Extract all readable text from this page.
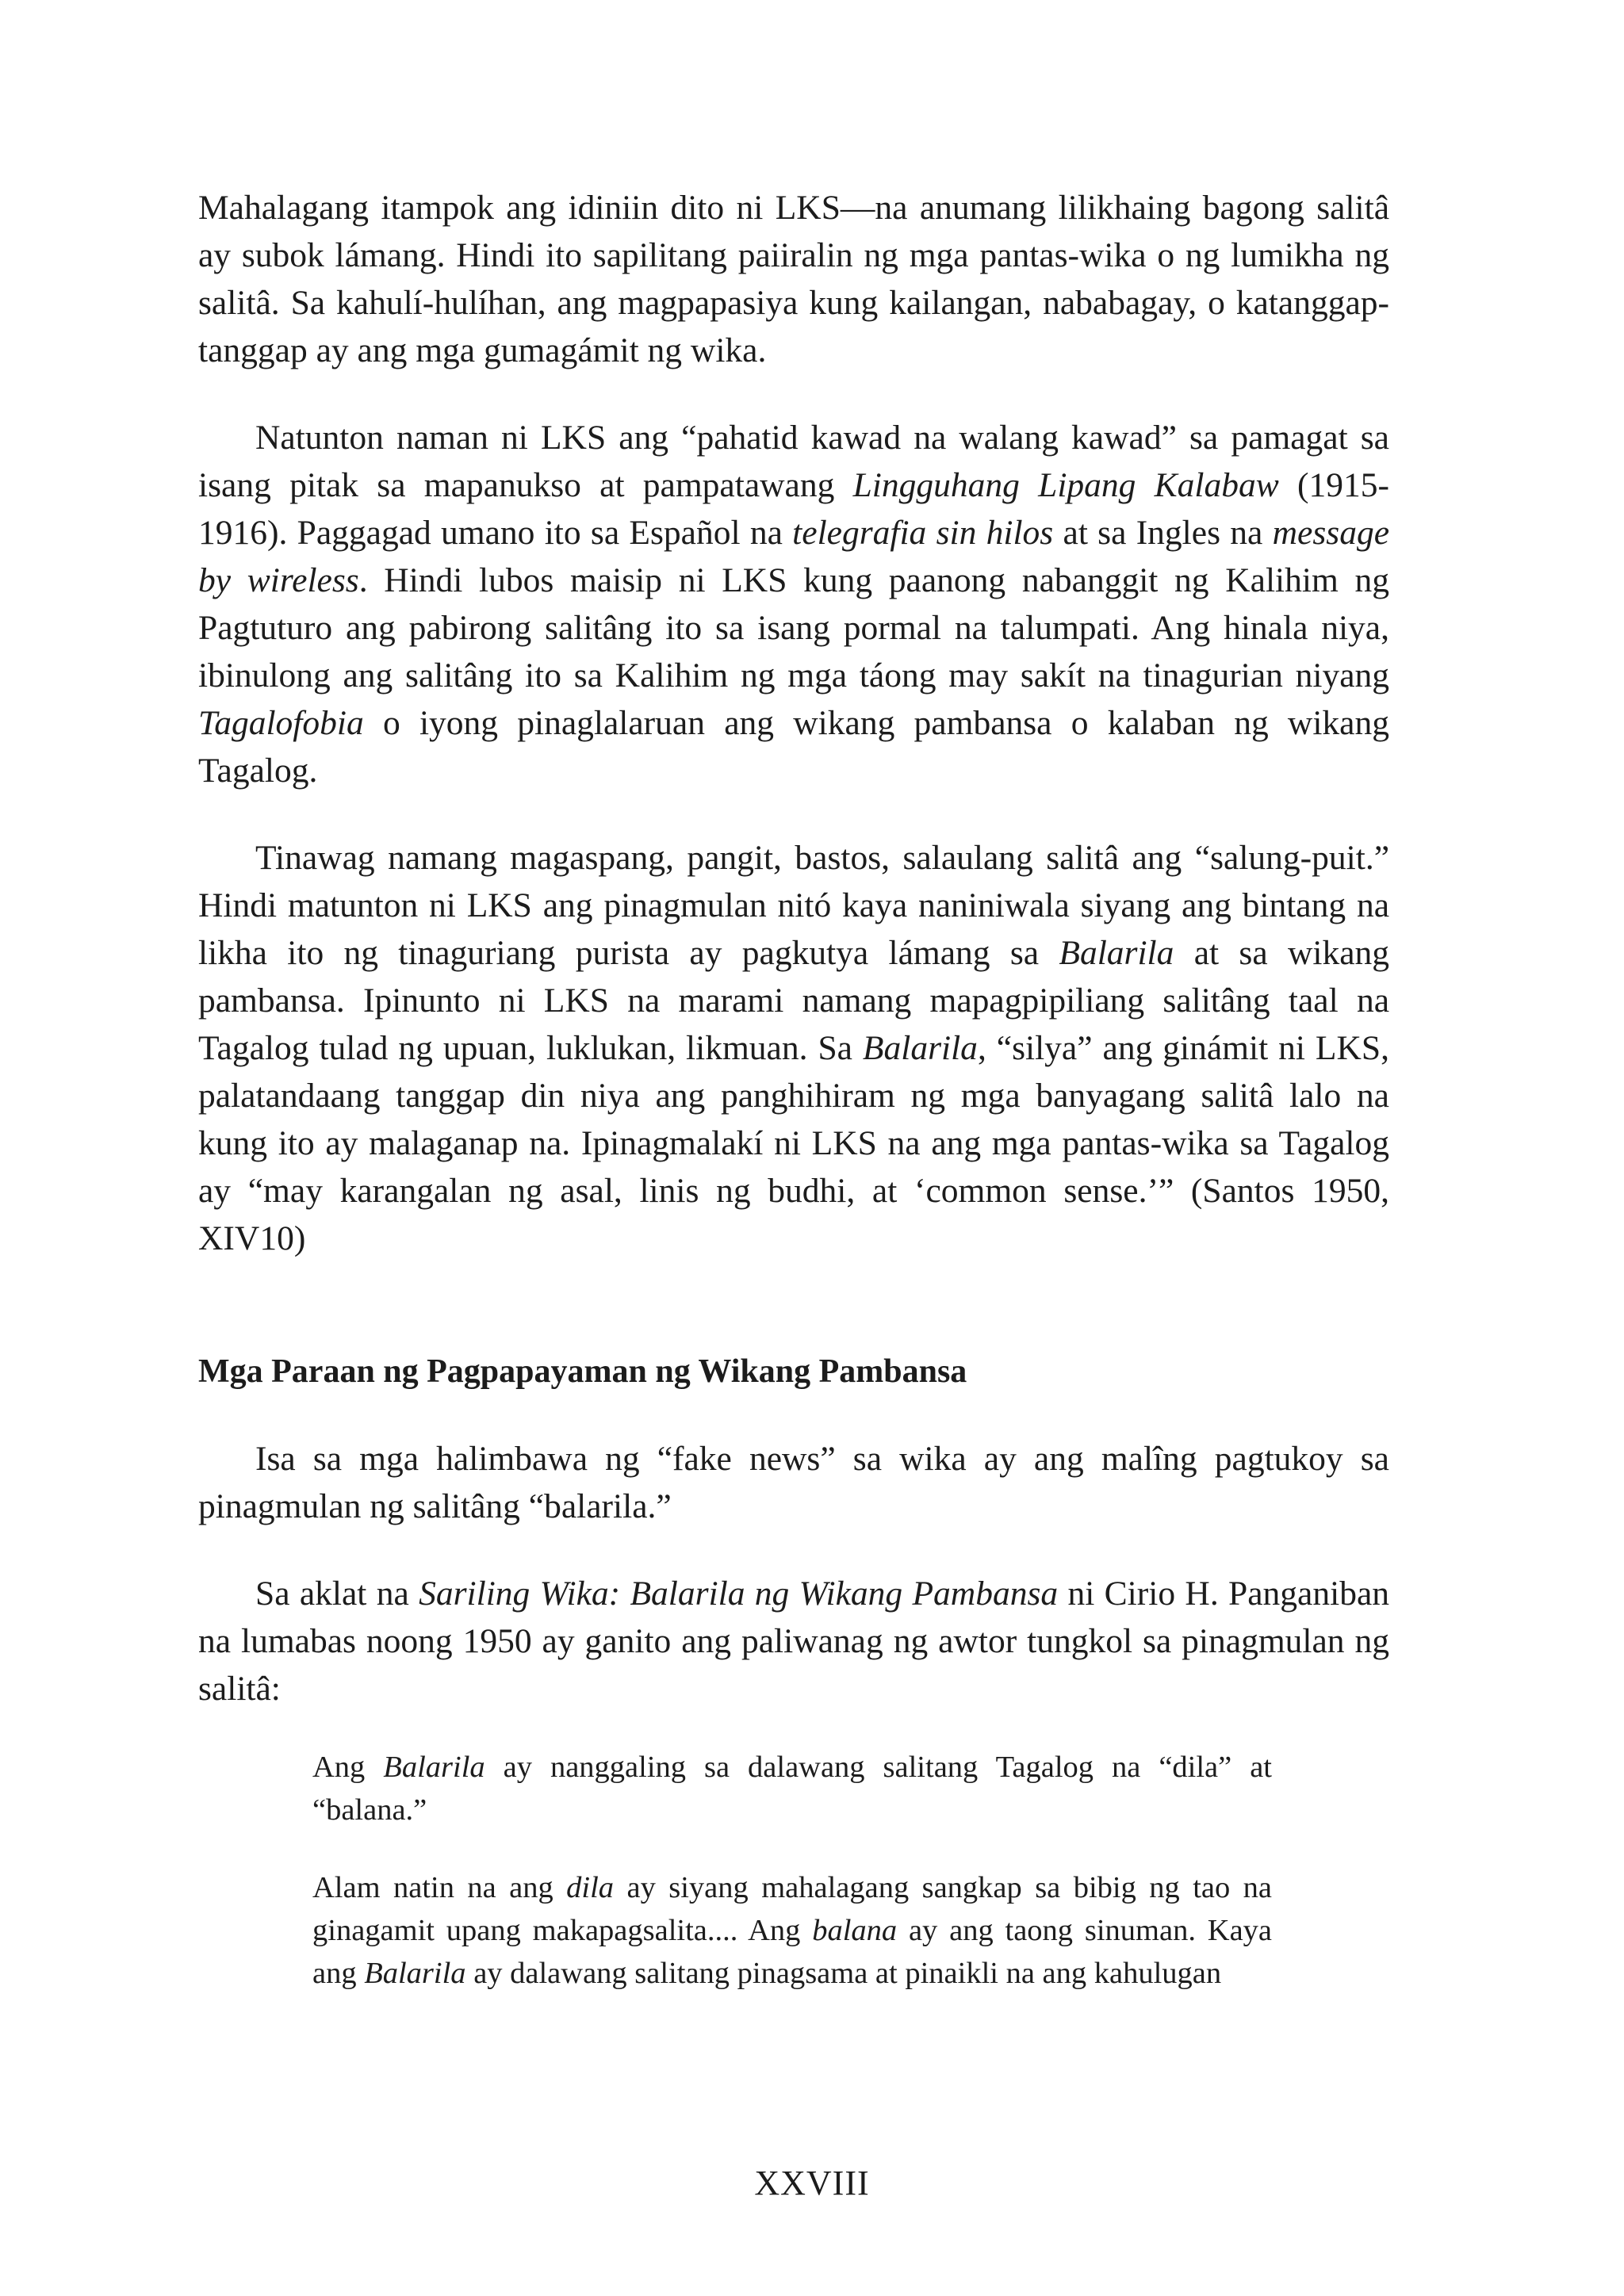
Mahalagang itampok ang idiniin dito ni LKS—na anumang lilikhaing bagong salitâ ay subok lámang. Hindi ito sapilitang paiiralin ng mga pantas-wika o ng lumikha ng salitâ. Sa kahulí-hulíhan, ang magpapasiya kung kailangan, nababagay, o katanggap-tanggap ay ang mga gumagámit ng wika.

Natunton naman ni LKS ang “pahatid kawad na walang kawad” sa pamagat sa isang pitak sa mapanukso at pampatawang Lingguhang Lipang Kalabaw (1915-1916). Paggagad umano ito sa Español na telegrafia sin hilos at sa Ingles na message by wireless. Hindi lubos maisip ni LKS kung paanong nabanggit ng Kalihim ng Pagtuturo ang pabirong salitâng ito sa isang pormal na talumpati. Ang hinala niya, ibinulong ang salitâng ito sa Kalihim ng mga táong may sakít na tinagurian niyang Tagalofobia o iyong pinaglalaruan ang wikang pambansa o kalaban ng wikang Tagalog.

Tinawag namang magaspang, pangit, bastos, salaulang salitâ ang “salung-puit.” Hindi matunton ni LKS ang pinagmulan nitó kaya naniniwala siyang ang bintang na likha ito ng tinaguriang purista ay pagkutya lámang sa Balarila at sa wikang pambansa. Ipinunto ni LKS na marami namang mapagpipiliang salitâng taal na Tagalog tulad ng upuan, luklukan, likmuan. Sa Balarila, “silya” ang ginámit ni LKS, palatandaang tanggap din niya ang panghihiram ng mga banyagang salitâ lalo na kung ito ay malaganap na. Ipinagmalakí ni LKS na ang mga pantas-wika sa Tagalog ay “may karangalan ng asal, linis ng budhi, at ‘common sense.’” (Santos 1950, XIV10)

Mga Paraan ng Pagpapayaman ng Wikang Pambansa

Isa sa mga halimbawa ng “fake news” sa wika ay ang malîng pagtukoy sa pinagmulan ng salitâng “balarila.”

Sa aklat na Sariling Wika: Balarila ng Wikang Pambansa ni Cirio H. Panganiban na lumabas noong 1950 ay ganito ang paliwanag ng awtor tungkol sa pinagmulan ng salitâ:

Ang Balarila ay nanggaling sa dalawang salitang Tagalog na “dila” at “balana.”

Alam natin na ang dila ay siyang mahalagang sangkap sa bibig ng tao na ginagamit upang makapagsalita.... Ang balana ay ang taong sinuman. Kaya ang Balarila ay dalawang salitang pinagsama at pinaikli na ang kahulugan

XXVIII
